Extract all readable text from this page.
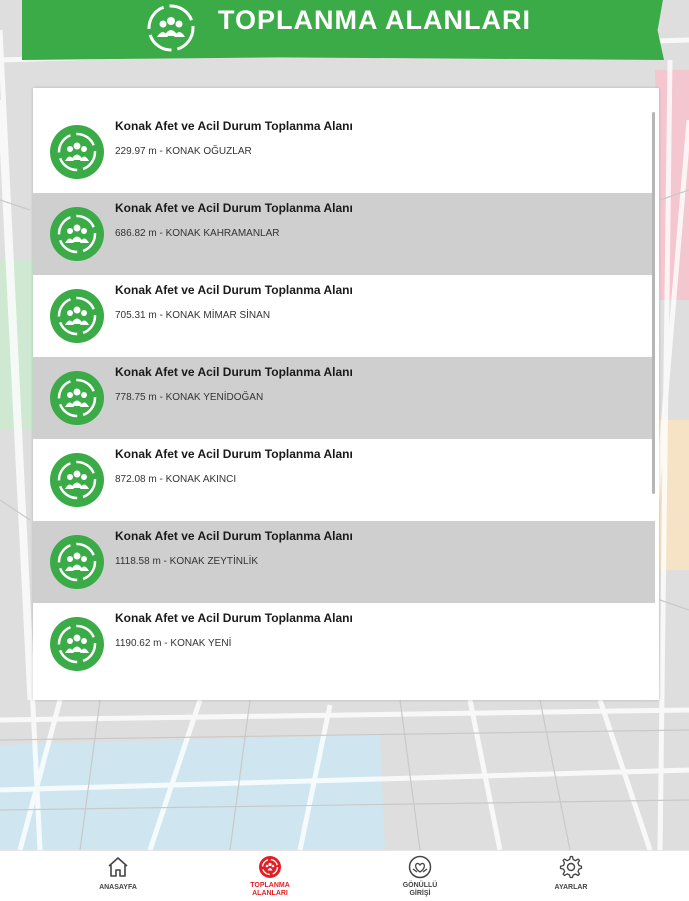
TOPLANMA ALANLARI
Konak Afet ve Acil Durum Toplanma Alanı
229.97 m - KONAK OĞUZLAR
Konak Afet ve Acil Durum Toplanma Alanı
686.82 m - KONAK KAHRAMANLAR
Konak Afet ve Acil Durum Toplanma Alanı
705.31 m - KONAK MİMAR SİNAN
Konak Afet ve Acil Durum Toplanma Alanı
778.75 m - KONAK YENİDOĞAN
Konak Afet ve Acil Durum Toplanma Alanı
872.08 m - KONAK AKINCI
Konak Afet ve Acil Durum Toplanma Alanı
1118.58 m - KONAK ZEYTİNLİK
Konak Afet ve Acil Durum Toplanma Alanı
1190.62 m - KONAK YENİ
ANASAYFA	TOPLANMA ALANLARI
GÖNÜLLÜ GİRİŞİ
AYARLAR
